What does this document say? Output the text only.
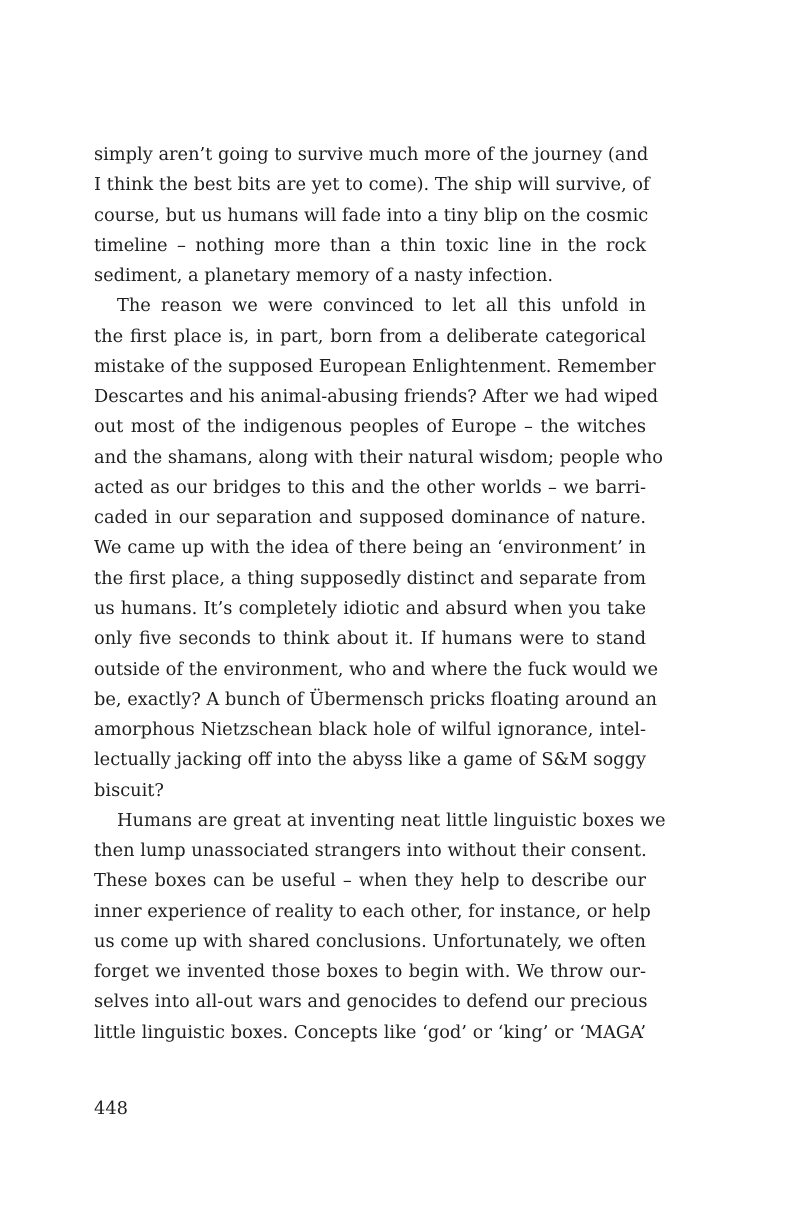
simply aren’t going to survive much more of the journey (and
I think the best bits are yet to come). The ship will survive, of
course, but us humans will fade into a tiny blip on the cosmic
timeline – nothing more than a thin toxic line in the rock
sediment, a planetary memory of a nasty infection.
The reason we were convinced to let all this unfold in
the first place is, in part, born from a deliberate categorical
mistake of the supposed European Enlightenment. Remember
Descartes and his animal-abusing friends? After we had wiped
out most of the indigenous peoples of Europe – the witches
and the shamans, along with their natural wisdom; people who
acted as our bridges to this and the other worlds – we barri-
caded in our separation and supposed dominance of nature.
We came up with the idea of there being an ‘environment’ in
the first place, a thing supposedly distinct and separate from
us humans. It’s completely idiotic and absurd when you take
only five seconds to think about it. If humans were to stand
outside of the environment, who and where the fuck would we
be, exactly? A bunch of Übermensch pricks floating around an
amorphous Nietzschean black hole of wilful ignorance, intel-
lectually jacking off into the abyss like a game of S&M soggy
biscuit?
Humans are great at inventing neat little linguistic boxes we
then lump unassociated strangers into without their consent.
These boxes can be useful – when they help to describe our
inner experience of reality to each other, for instance, or help
us come up with shared conclusions. Unfortunately, we often
forget we invented those boxes to begin with. We throw our-
selves into all-out wars and genocides to defend our precious
little linguistic boxes. Concepts like ‘god’ or ‘king’ or ‘MAGA’
448
